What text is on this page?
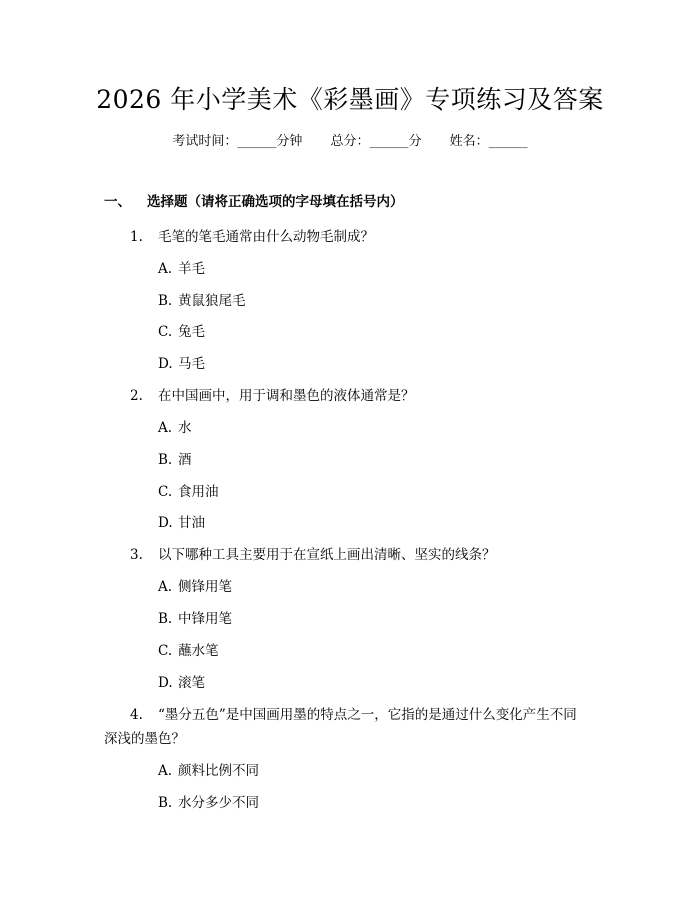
2026 年小学美术《彩墨画》专项练习及答案
考试时间：______分钟 总分：______分 姓名：______
一、 选择题（请将正确选项的字母填在括号内）
1. 毛笔的笔毛通常由什么动物毛制成？
A. 羊毛
B. 黄鼠狼尾毛
C. 兔毛
D. 马毛
2. 在中国画中，用于调和墨色的液体通常是？
A. 水
B. 酒
C. 食用油
D. 甘油
3. 以下哪种工具主要用于在宣纸上画出清晰、坚实的线条？
A. 侧锋用笔
B. 中锋用笔
C. 蘸水笔
D. 滚笔
4. “墨分五色”是中国画用墨的特点之一，它指的是通过什么变化产生不同
深浅的墨色？
A. 颜料比例不同
B. 水分多少不同
